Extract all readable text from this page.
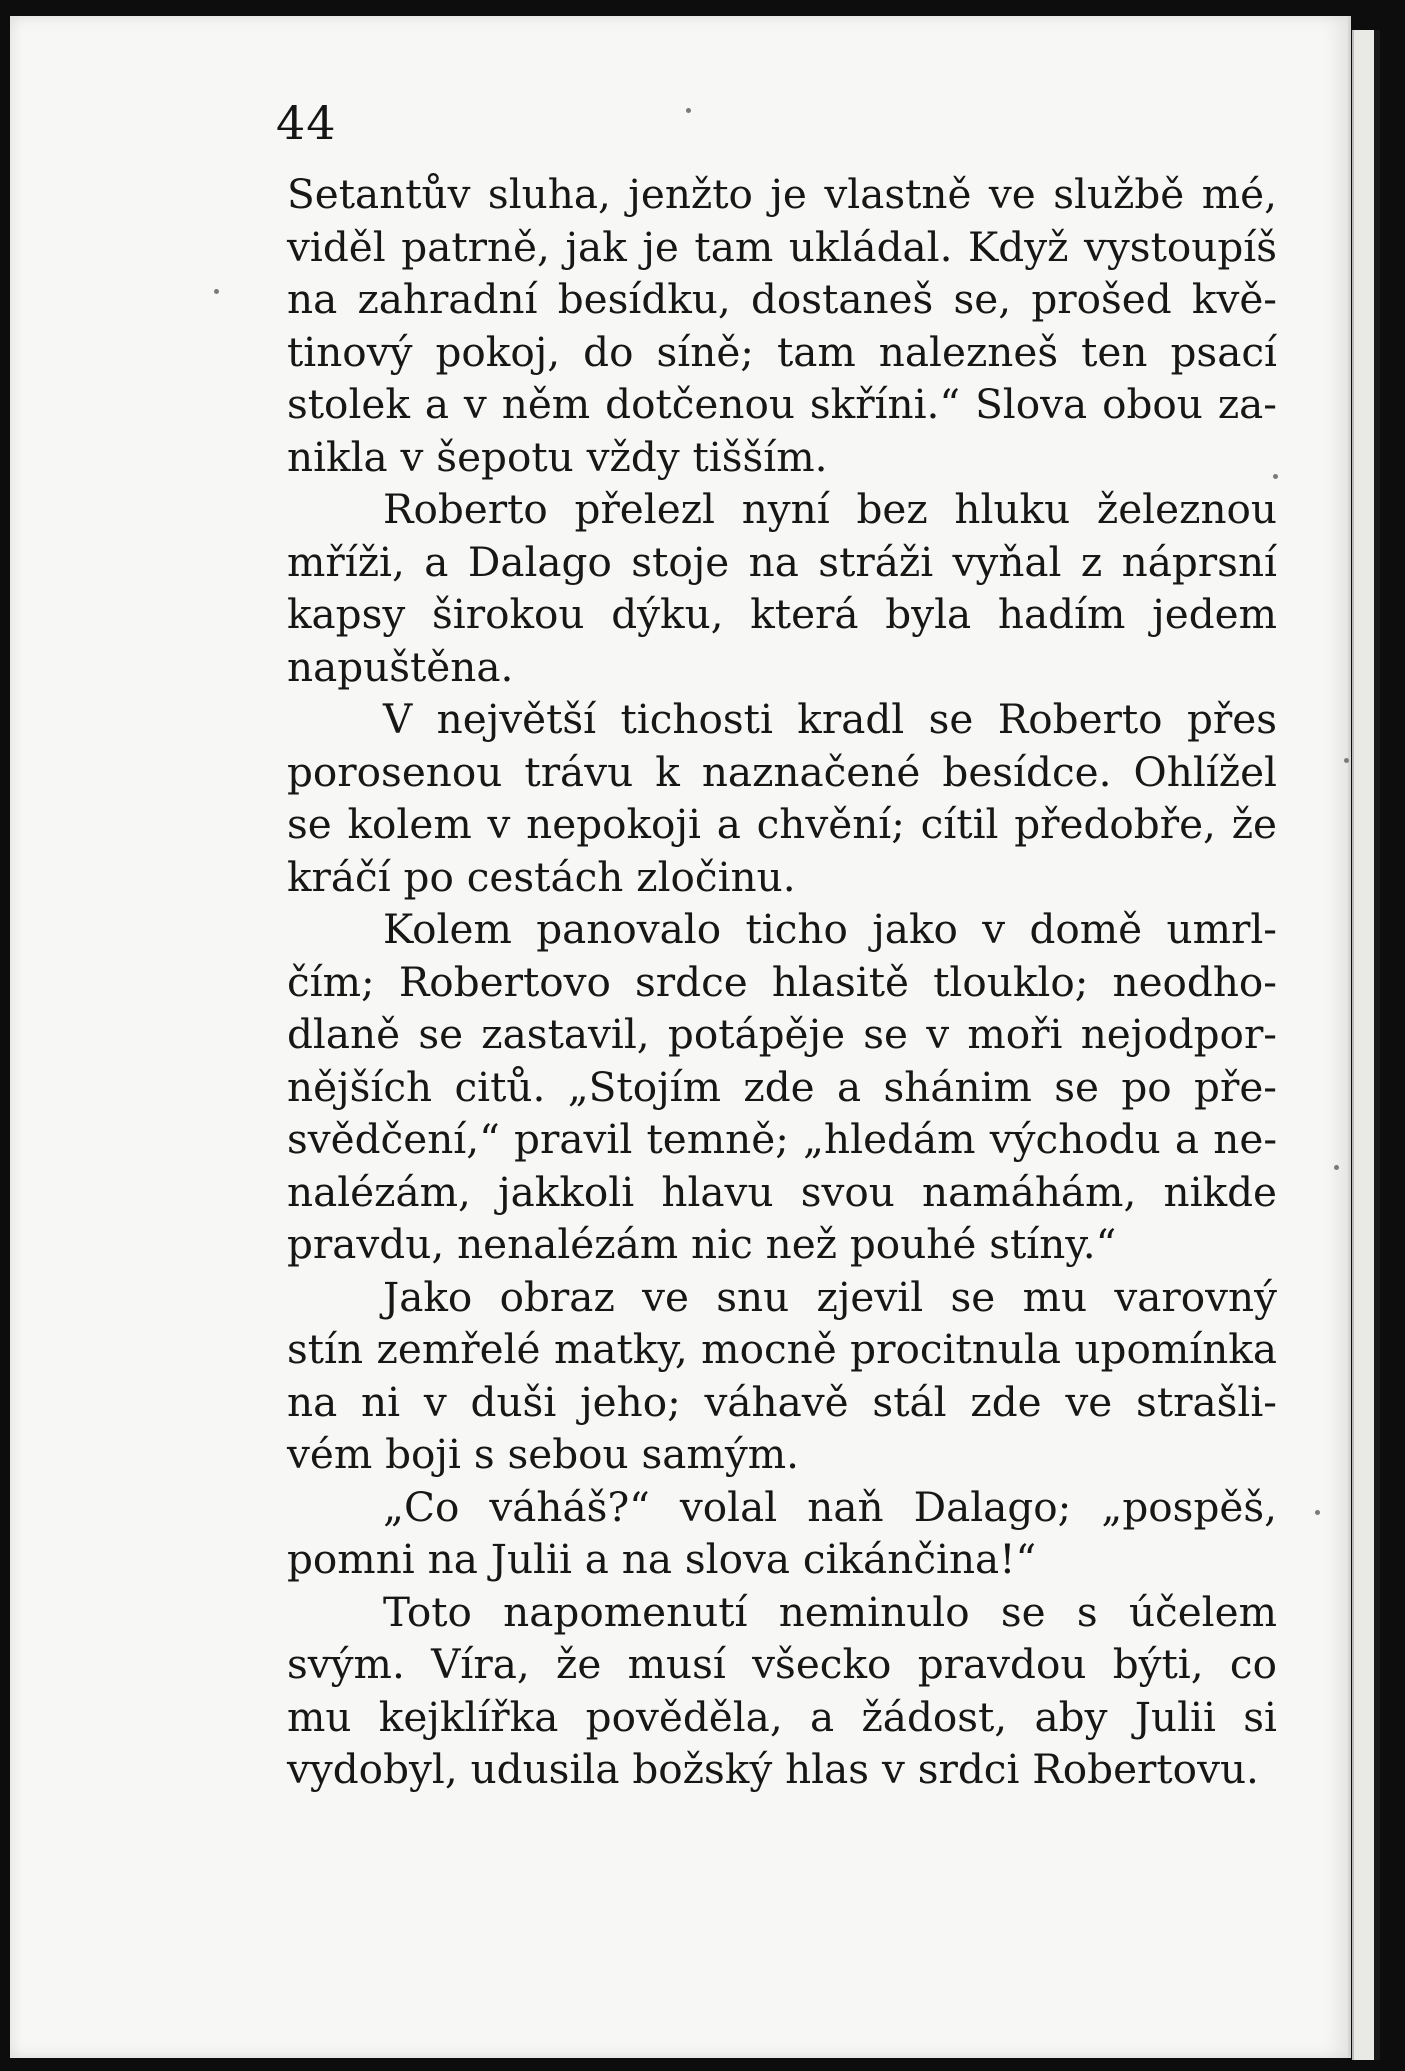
44
Setantův sluha, jenžto je vlastně ve službě mé,
viděl patrně, jak je tam ukládal. Když vystoupíš
na zahradní besídku, dostaneš se, prošed kvě-
tinový pokoj, do síně; tam nalezneš ten psací
stolek a v něm dotčenou skříni.“ Slova obou za-
nikla v šepotu vždy tišším.
Roberto přelezl nyní bez hluku železnou
mříži, a Dalago stoje na stráži vyňal z náprsní
kapsy širokou dýku, která byla hadím jedem
napuštěna.
V největší tichosti kradl se Roberto přes
porosenou trávu k naznačené besídce. Ohlížel
se kolem v nepokoji a chvění; cítil předobře, že
kráčí po cestách zločinu.
Kolem panovalo ticho jako v domě umrl-
čím; Robertovo srdce hlasitě tlouklo; neodho-
dlaně se zastavil, potápěje se v moři nejodpor-
nějších citů. „Stojím zde a shánim se po pře-
svědčení,“ pravil temně; „hledám východu a ne-
nalézám, jakkoli hlavu svou namáhám, nikde
pravdu, nenalézám nic než pouhé stíny.“
Jako obraz ve snu zjevil se mu varovný
stín zemřelé matky, mocně procitnula upomínka
na ni v duši jeho; váhavě stál zde ve strašli-
vém boji s sebou samým.
„Co váháš?“ volal naň Dalago; „pospěš,
pomni na Julii a na slova cikánčina!“
Toto napomenutí neminulo se s účelem
svým. Víra, že musí všecko pravdou býti, co
mu kejklířka pověděla, a žádost, aby Julii si
vydobyl, udusila božský hlas v srdci Robertovu.
